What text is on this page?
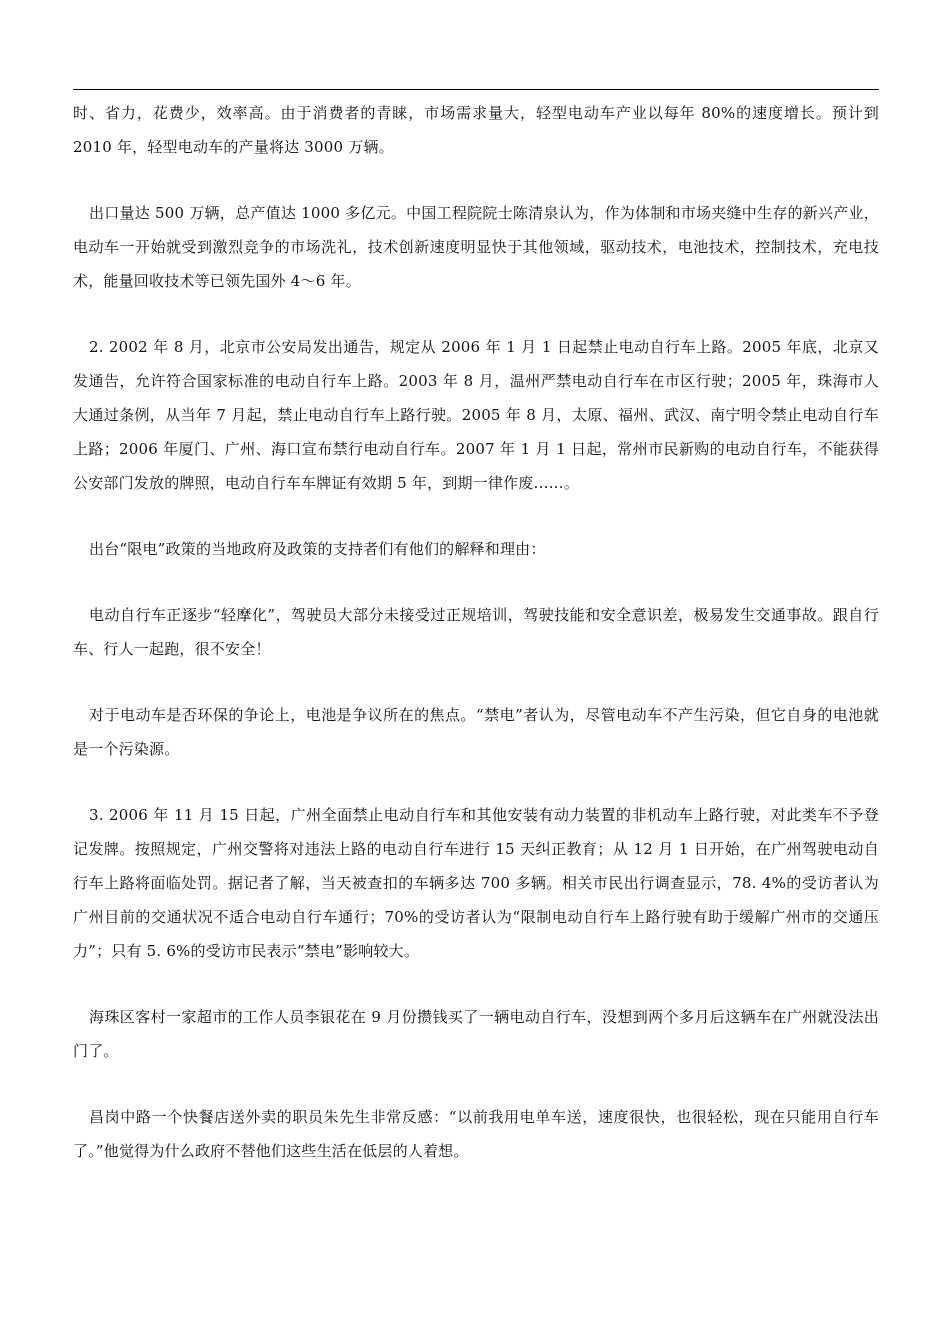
时、省力，花费少，效率高。由于消费者的青睐，市场需求量大，轻型电动车产业以每年 80%的速度增长。预计到 2010 年，轻型电动车的产量将达 3000 万辆。

出口量达 500 万辆，总产值达 1000 多亿元。中国工程院院士陈清泉认为，作为体制和市场夹缝中生存的新兴产业，电动车一开始就受到激烈竞争的市场洗礼，技术创新速度明显快于其他领域，驱动技术，电池技术，控制技术，充电技术，能量回收技术等已领先国外 4～6 年。

2. 2002 年 8 月，北京市公安局发出通告，规定从 2006 年 1 月 1 日起禁止电动自行车上路。2005 年底，北京又发通告，允许符合国家标准的电动自行车上路。2003 年 8 月，温州严禁电动自行车在市区行驶；2005 年，珠海市人大通过条例，从当年 7 月起，禁止电动自行车上路行驶。2005 年 8 月，太原、福州、武汉、南宁明令禁止电动自行车上路；2006 年厦门、广州、海口宣布禁行电动自行车。2007 年 1 月 1 日起，常州市民新购的电动自行车，不能获得公安部门发放的牌照，电动自行车车牌证有效期 5 年，到期一律作废……。

出台“限电”政策的当地政府及政策的支持者们有他们的解释和理由：

电动自行车正逐步“轻摩化”，驾驶员大部分未接受过正规培训，驾驶技能和安全意识差，极易发生交通事故。跟自行车、行人一起跑，很不安全！

对于电动车是否环保的争论上，电池是争议所在的焦点。“禁电”者认为，尽管电动车不产生污染，但它自身的电池就是一个污染源。

3. 2006 年 11 月 15 日起，广州全面禁止电动自行车和其他安装有动力装置的非机动车上路行驶，对此类车不予登记发牌。按照规定，广州交警将对违法上路的电动自行车进行 15 天纠正教育；从 12 月 1 日开始，在广州驾驶电动自行车上路将面临处罚。据记者了解，当天被查扣的车辆多达 700 多辆。相关市民出行调查显示，78. 4%的受访者认为广州目前的交通状况不适合电动自行车通行；70%的受访者认为“限制电动自行车上路行驶有助于缓解广州市的交通压力”；只有 5. 6%的受访市民表示“禁电”影响较大。

海珠区客村一家超市的工作人员李银花在 9 月份攒钱买了一辆电动自行车，没想到两个多月后这辆车在广州就没法出门了。

昌岗中路一个快餐店送外卖的职员朱先生非常反感：“以前我用电单车送，速度很快，也很轻松，现在只能用自行车了。”他觉得为什么政府不替他们这些生活在低层的人着想。
